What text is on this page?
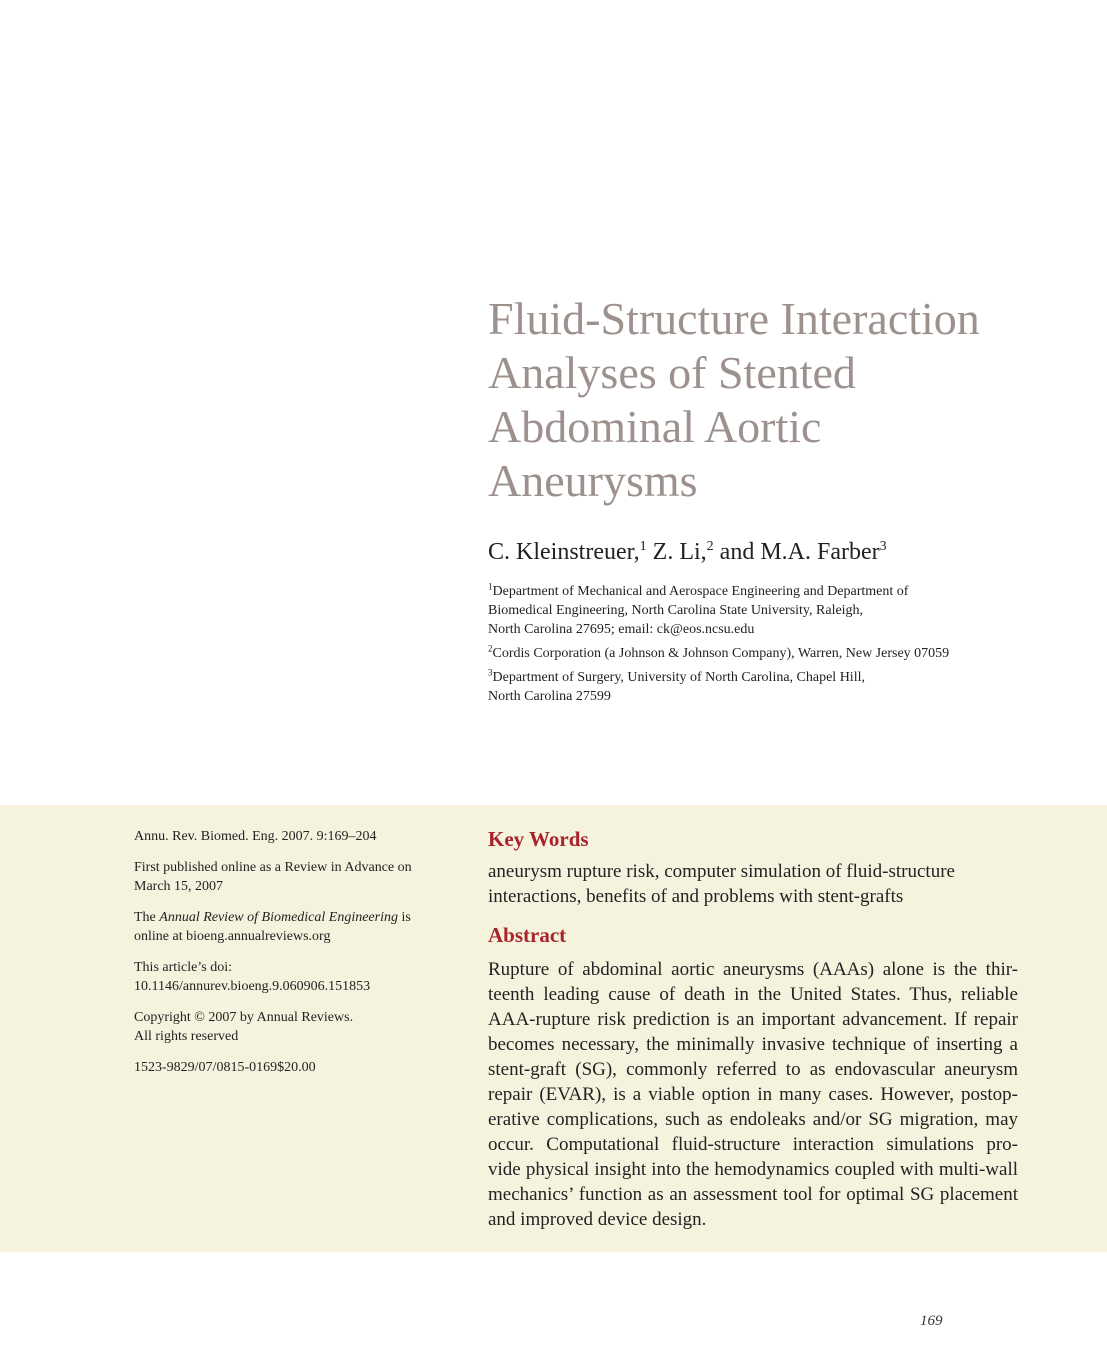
Fluid-Structure Interaction
Analyses of Stented
Abdominal Aortic
Aneurysms
C. Kleinstreuer,$^1$ Z. Li,$^2$ and M.A. Farber$^3$

$^1$Department of Mechanical and Aerospace Engineering and Department of
Biomedical Engineering, North Carolina State University, Raleigh,
North Carolina 27695; email: ck@eos.ncsu.edu

$^2$Cordis Corporation (a Johnson & Johnson Company), Warren, New Jersey 07059

$^3$Department of Surgery, University of North Carolina, Chapel Hill,
North Carolina 27599

Annu. Rev. Biomed. Eng. 2007. 9:169–204

First published online as a Review in Advance on
March 15, 2007

The Annual Review of Biomedical Engineering is
online at bioeng.annualreviews.org

This article’s doi:
10.1146/annurev.bioeng.9.060906.151853

Copyright © 2007 by Annual Reviews.
All rights reserved

1523-9829/07/0815-0169$20.00

Key Words
aneurysm rupture risk, computer simulation of fluid-structure
interactions, benefits of and problems with stent-grafts
Abstract
Rupture of abdominal aortic aneurysms (AAAs) alone is the thir-
teenth leading cause of death in the United States. Thus, reliable
AAA-rupture risk prediction is an important advancement. If repair
becomes necessary, the minimally invasive technique of inserting a
stent-graft (SG), commonly referred to as endovascular aneurysm
repair (EVAR), is a viable option in many cases. However, postop-
erative complications, such as endoleaks and/or SG migration, may
occur. Computational fluid-structure interaction simulations pro-
vide physical insight into the hemodynamics coupled with multi-wall
mechanics’ function as an assessment tool for optimal SG placement
and improved device design.
169
